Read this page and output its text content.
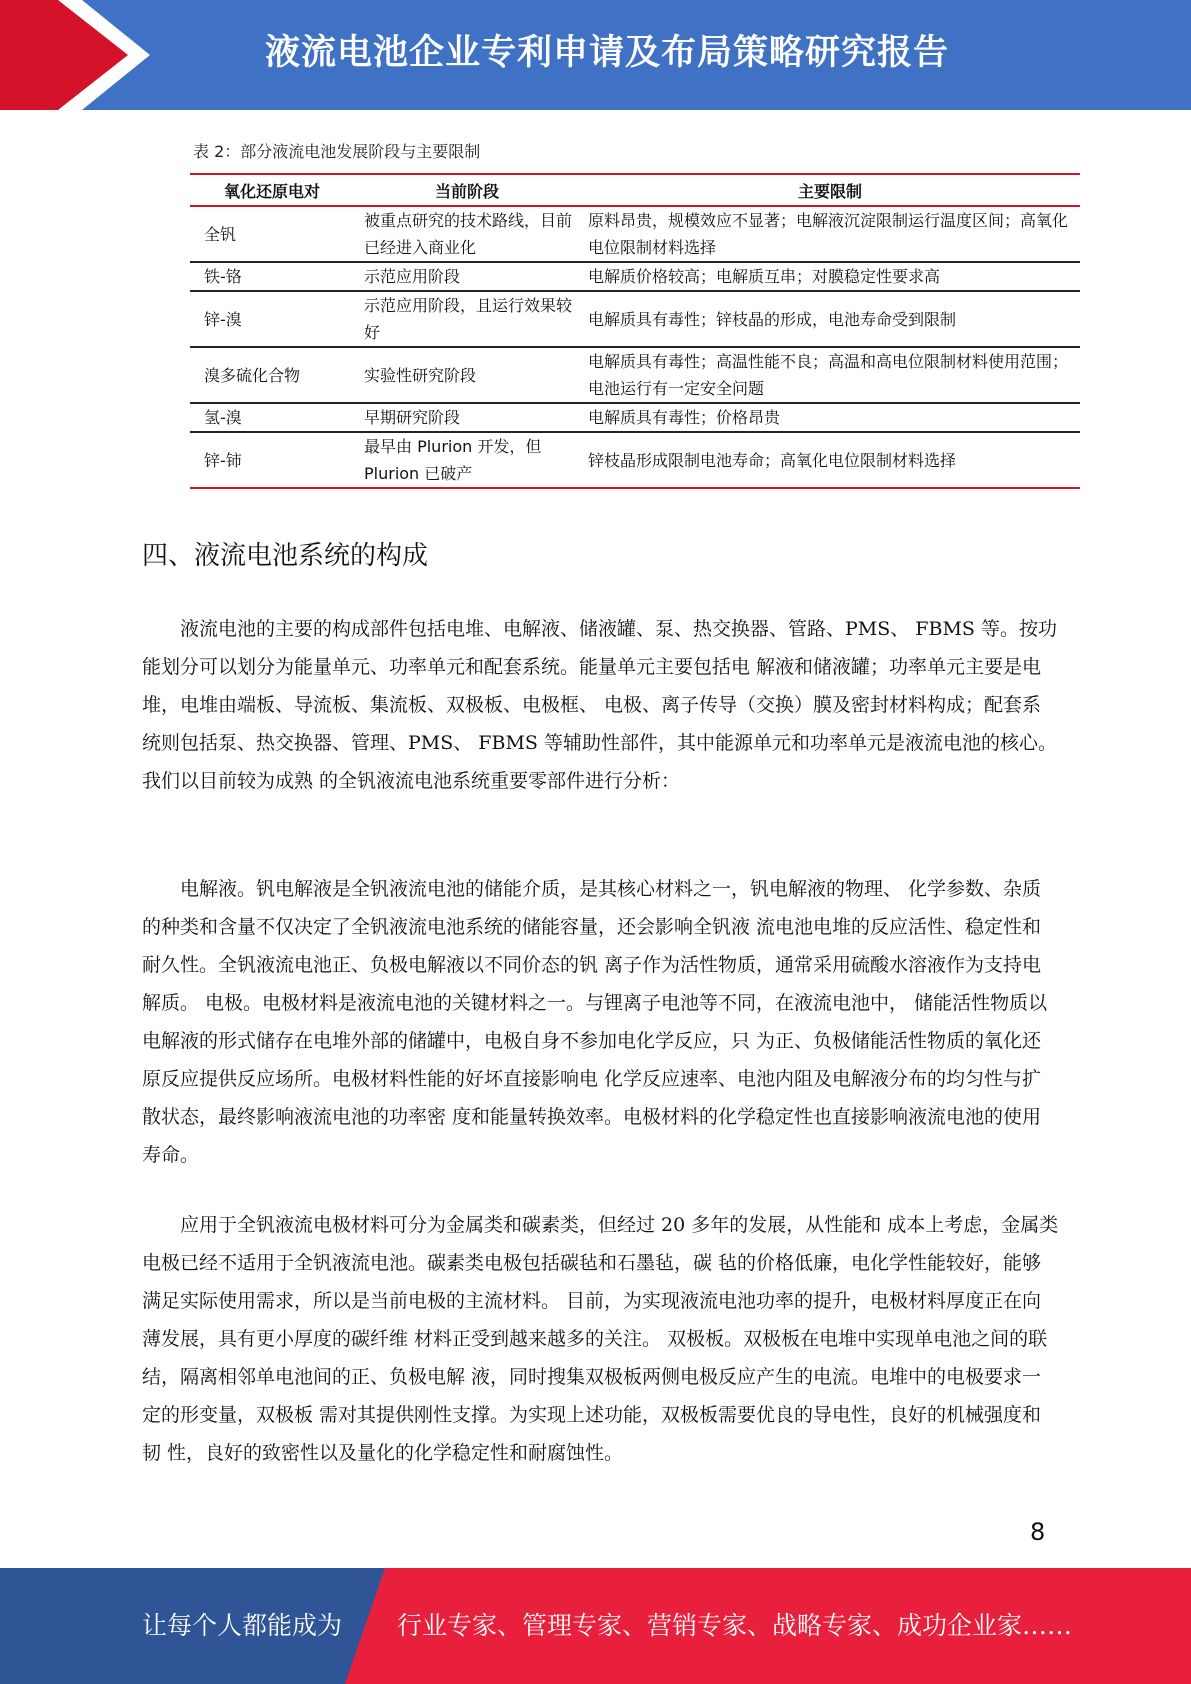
液流电池企业专利申请及布局策略研究报告
表 2：部分液流电池发展阶段与主要限制
氧化还原电对	当前阶段	主要限制
全钒	被重点研究的技术路线，目前已经进入商业化	原料昂贵，规模效应不显著；电解液沉淀限制运行温度区间；高氧化电位限制材料选择
铁-铬	示范应用阶段	电解质价格较高；电解质互串；对膜稳定性要求高
锌-溴	示范应用阶段，且运行效果较好	电解质具有毒性；锌枝晶的形成，电池寿命受到限制
溴多硫化合物	实验性研究阶段	电解质具有毒性；高温性能不良；高温和高电位限制材料使用范围；电池运行有一定安全问题
氢-溴	早期研究阶段	电解质具有毒性；价格昂贵
锌-铈	最早由 Plurion 开发，但 Plurion 已破产	锌枝晶形成限制电池寿命；高氧化电位限制材料选择
四、液流电池系统的构成

液流电池的主要的构成部件包括电堆、电解液、储液罐、泵、热交换器、管路、PMS、 FBMS 等。按功能划分可以划分为能量单元、功率单元和配套系统。能量单元主要包括电 解液和储液罐；功率单元主要是电堆，电堆由端板、导流板、集流板、双极板、电极框、 电极、离子传导（交换）膜及密封材料构成；配套系统则包括泵、热交换器、管理、PMS、 FBMS 等辅助性部件，其中能源单元和功率单元是液流电池的核心。我们以目前较为成熟 的全钒液流电池系统重要零部件进行分析：

电解液。钒电解液是全钒液流电池的储能介质，是其核心材料之一，钒电解液的物理、 化学参数、杂质的种类和含量不仅决定了全钒液流电池系统的储能容量，还会影响全钒液 流电池电堆的反应活性、稳定性和耐久性。全钒液流电池正、负极电解液以不同价态的钒 离子作为活性物质，通常采用硫酸水溶液作为支持电解质。 电极。电极材料是液流电池的关键材料之一。与锂离子电池等不同，在液流电池中， 储能活性物质以电解液的形式储存在电堆外部的储罐中，电极自身不参加电化学反应，只 为正、负极储能活性物质的氧化还原反应提供反应场所。电极材料性能的好坏直接影响电 化学反应速率、电池内阻及电解液分布的均匀性与扩散状态，最终影响液流电池的功率密 度和能量转换效率。电极材料的化学稳定性也直接影响液流电池的使用寿命。

应用于全钒液流电极材料可分为金属类和碳素类，但经过 20 多年的发展，从性能和 成本上考虑，金属类电极已经不适用于全钒液流电池。碳素类电极包括碳毡和石墨毡，碳 毡的价格低廉，电化学性能较好，能够满足实际使用需求，所以是当前电极的主流材料。 目前，为实现液流电池功率的提升，电极材料厚度正在向薄发展，具有更小厚度的碳纤维 材料正受到越来越多的关注。 双极板。双极板在电堆中实现单电池之间的联结，隔离相邻单电池间的正、负极电解 液，同时搜集双极板两侧电极反应产生的电流。电堆中的电极要求一定的形变量，双极板 需对其提供刚性支撑。为实现上述功能，双极板需要优良的导电性，良好的机械强度和韧 性，良好的致密性以及量化的化学稳定性和耐腐蚀性。

8
让每个人都能成为 行业专家、管理专家、营销专家、战略专家、成功企业家……
